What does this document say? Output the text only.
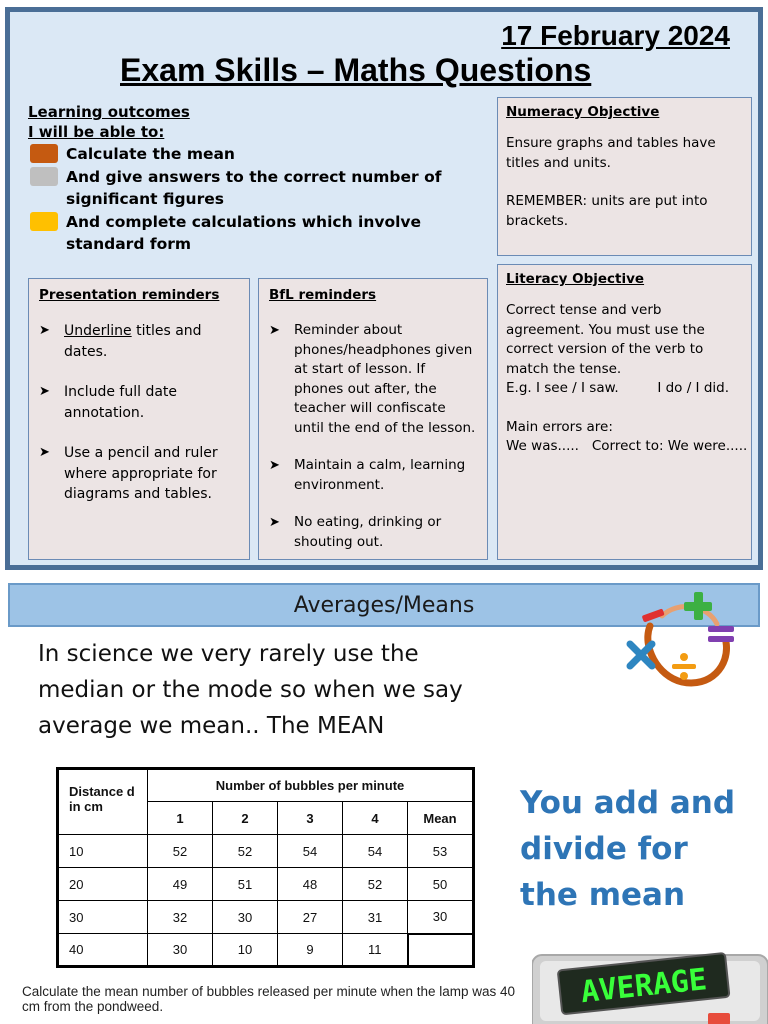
17 February 2024
Exam Skills – Maths Questions
Learning outcomes
I will be able to:
Calculate the mean
And give answers to the correct number of significant figures
And complete calculations which involve standard form
Numeracy Objective

Ensure graphs and tables have titles and units.

REMEMBER: units are put into brackets.

Literacy Objective

Correct tense and verb agreement. You must use the correct version of the verb to match the tense.

E.g. I see / I saw.         I do / I did.

Main errors are:

We was.....   Correct to: We were.....

Presentation reminders
➤ Underline titles and dates.
➤ Include full date annotation.
➤ Use a pencil and ruler where appropriate for diagrams and tables.
BfL reminders
➤ Reminder about phones/headphones given at start of lesson. If phones out after, the teacher will confiscate until the end of the lesson.
➤ Maintain a calm, learning environment.
➤ No eating, drinking or shouting out.
Averages/Means
In science we very rarely use the median or the mode so when we say average we mean.. The MEAN
Distance d in cm	Number of bubbles per minute				
	1	2	3	4	Mean
10	52	52	54	54	53
20	49	51	48	52	50
30	32	30	27	31	30
40	30	10	9	11	
You add and
divide for
the mean
Calculate the mean number of bubbles released per minute when the lamp was 40 cm from the pondweed.	AVERAGE
